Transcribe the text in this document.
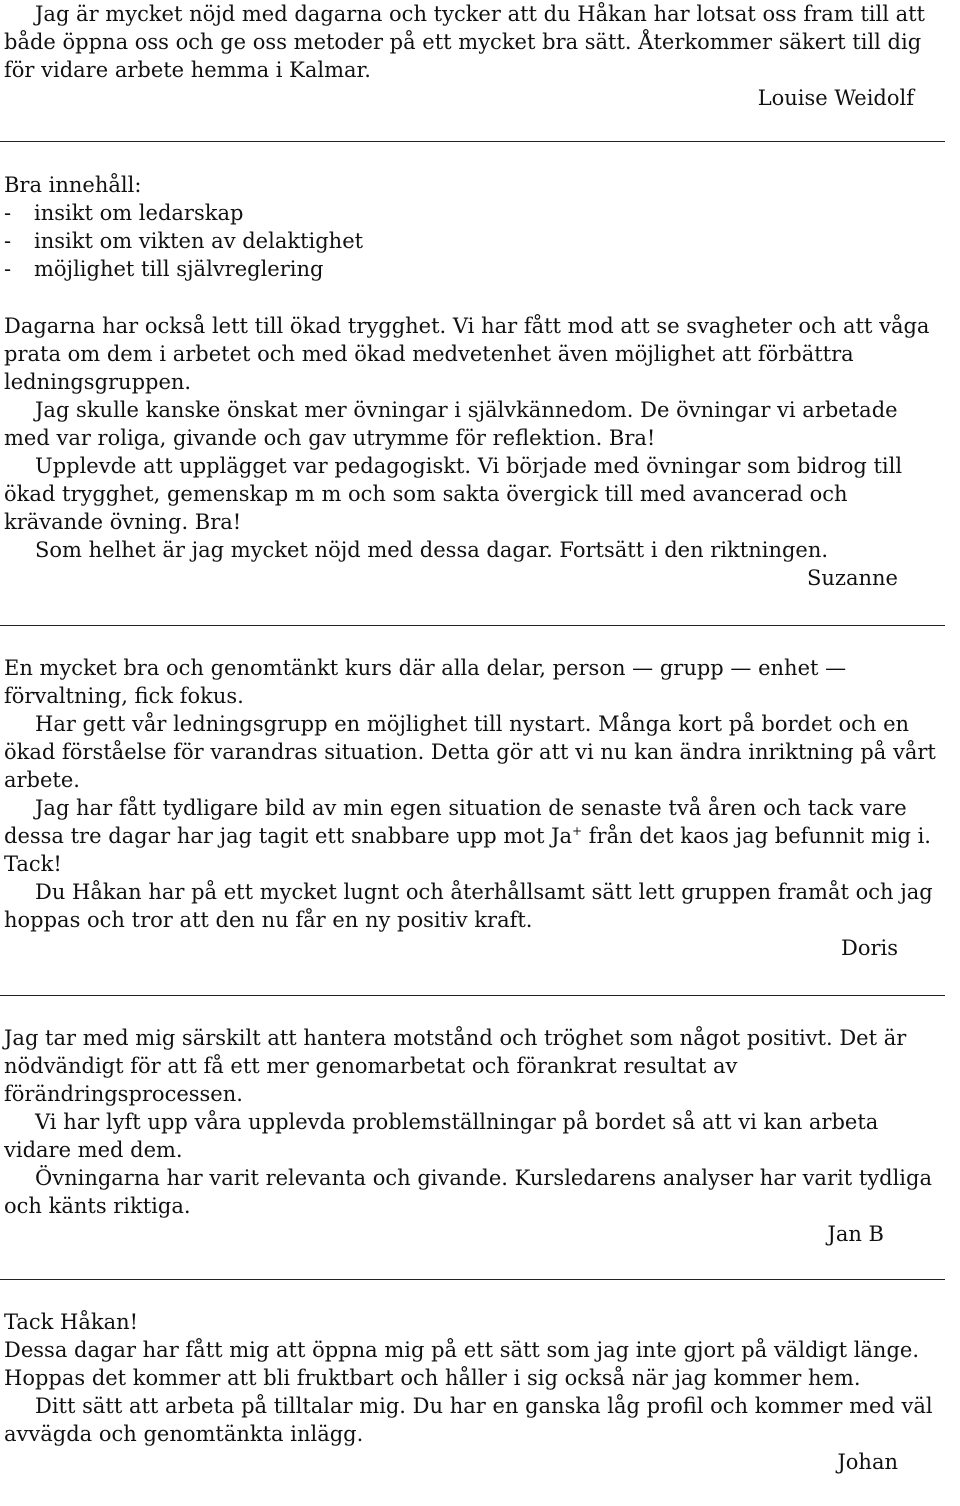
Jag är mycket nöjd med dagarna och tycker att du Håkan har lotsat oss fram till att både öppna oss och ge oss metoder på ett mycket bra sätt. Återkommer säkert till dig för vidare arbete hemma i Kalmar.

Louise Weidolf

Bra innehåll:

- insikt om ledarskap
- insikt om vikten av delaktighet
- möjlighet till självreglering

Dagarna har också lett till ökad trygghet. Vi har fått mod att se svagheter och att våga prata om dem i arbetet och med ökad medvetenhet även möjlighet att förbättra ledningsgruppen.

Jag skulle kanske önskat mer övningar i självkännedom. De övningar vi arbetade med var roliga, givande och gav utrymme för reflektion. Bra!

Upplevde att upplägget var pedagogiskt. Vi började med övningar som bidrog till ökad trygghet, gemenskap m m och som sakta övergick till med avancerad och krävande övning. Bra!

Som helhet är jag mycket nöjd med dessa dagar. Fortsätt i den riktningen.

Suzanne

En mycket bra och genomtänkt kurs där alla delar, person — grupp — enhet — förvaltning, fick fokus.

Har gett vår ledningsgrupp en möjlighet till nystart. Många kort på bordet och en ökad förståelse för varandras situation. Detta gör att vi nu kan ändra inriktning på vårt arbete.

Jag har fått tydligare bild av min egen situation de senaste två åren och tack vare dessa tre dagar har jag tagit ett snabbare upp mot Ja+ från det kaos jag befunnit mig i. Tack!

Du Håkan har på ett mycket lugnt och återhållsamt sätt lett gruppen framåt och jag hoppas och tror att den nu får en ny positiv kraft.

Doris

Jag tar med mig särskilt att hantera motstånd och tröghet som något positivt. Det är nödvändigt för att få ett mer genomarbetat och förankrat resultat av förändringsprocessen.

Vi har lyft upp våra upplevda problemställningar på bordet så att vi kan arbeta vidare med dem.

Övningarna har varit relevanta och givande. Kursledarens analyser har varit tydliga och känts riktiga.

Jan B

Tack Håkan!

Dessa dagar har fått mig att öppna mig på ett sätt som jag inte gjort på väldigt länge. Hoppas det kommer att bli fruktbart och håller i sig också när jag kommer hem.

Ditt sätt att arbeta på tilltalar mig. Du har en ganska låg profil och kommer med väl avvägda och genomtänkta inlägg.

Johan
